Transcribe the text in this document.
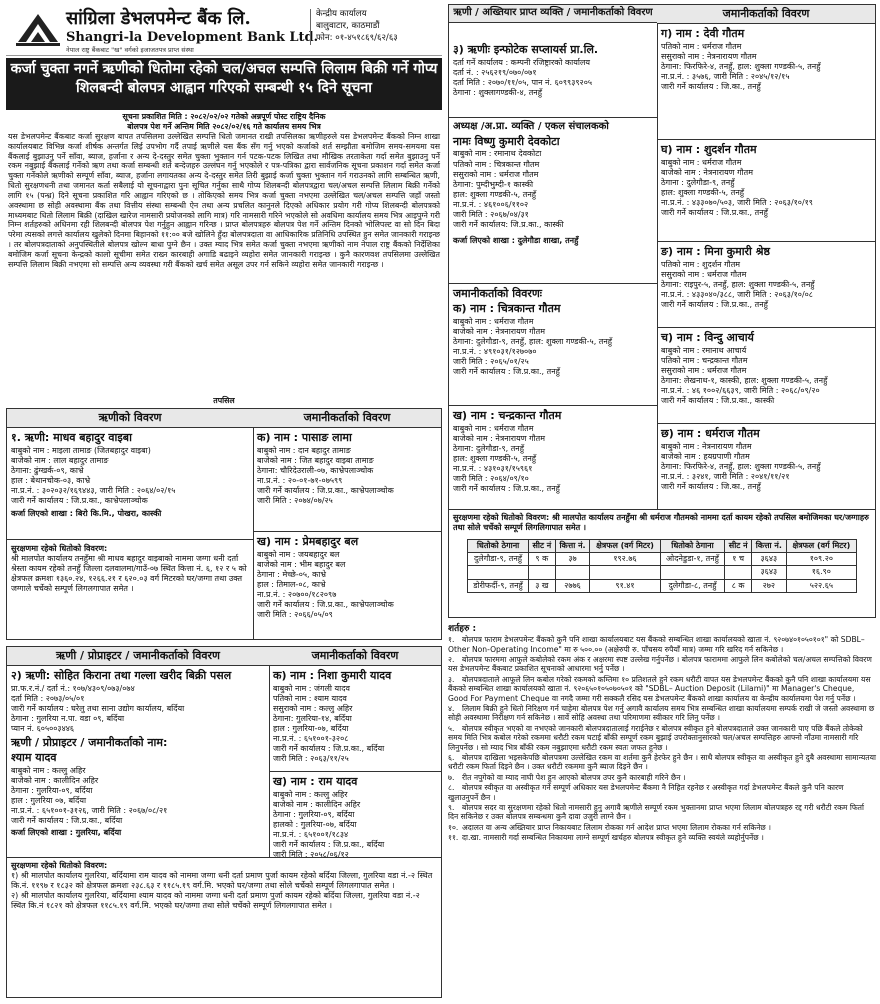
सांग्रिला डेभलपमेन्ट बैंक लि.
Shangri-la Development Bank Ltd.
नेपाल राष्ट्र बैंकबाट "ख" वर्गको इजाजतपत्र प्राप्त संस्था
केन्द्रीय कार्यालय
बालुवाटार, काठमाडौं
फोन: ०१-४५१८६९/६२/६३
कर्जा चुक्ता नगर्ने ऋणीको धितोमा रहेको चल/अचल सम्पत्ति लिलाम बिक्री गर्ने गोप्य शिलबन्दी बोलपत्र आह्वान गरिएको सम्बन्धी १५ दिने सूचना
सूचना प्रकाशित मिति : २०८२/०२/०२ गतेको अन्नपूर्ण पोस्ट राष्ट्रिय दैनिक
बोलपत्र पेश गर्ने अन्तिम मिति २०८२/०२/१६ गते कार्यालय समय भित्र
यस डेभलपमेन्ट बैंकबाट कर्जा सुरक्षण बापत तपसिलमा उल्लेखित सम्पत्ति धितो जमानत राखी तपसिलका ऋणीहरुले यस डेभलपमेन्ट बैंकको निम्न शाखा कार्यालयबाट विभिन्न कर्जा शीर्षक अन्तर्गत लिई उपभोग गर्दै तपाई ऋणीले यस बैंक सँग गर्नु भएको कर्जाको शर्त सम्झौता बमोजिम समय-समयमा यस बैंकलाई बुझाउनु पर्ने साँवा, ब्याज, हर्जाना र अन्य दे-दस्तुर समेत चुक्ता भुक्तान गर्न पटक-पटक लिखित तथा मौखिक तरताकेता गर्दा समेत बुझाउनु पर्ने रकम नबुझाई बैंकलाई गर्नेको ऋण तथा कर्जा सम्बन्धी शर्त बन्देजहरु उल्लंघन गर्नु भएकोले र पत्र-पत्रिका द्वारा सार्वजनिक सूचना प्रकाशन गर्दा समेत कर्जा चुक्ता गर्नेकोले ऋणीको सम्पूर्ण साँवा, ब्याज, हर्जाना लगायतका अन्य दे-दस्तुर समेत तिरी बुझाई कर्जा चुक्ता भुक्तान गर्न गराउनको लागि सम्बन्धित ऋणी, धितो सुरक्षणधनी तथा जमानत कर्ता सबैलाई यो सूचनाद्वारा पुनः सूचित गर्नुका साथै गोप्य शिलबन्दी बोलपत्रद्वारा चल/अचल सम्पत्ति लिलाम बिक्री गर्नेको लागि १५ (पन्ध्र) दिने सूचना प्रकाशित गरि आह्वान गरिएको छ । तोकिएको समय भित्र कर्जा चुक्ता नभएमा उल्लेखित चल/अचल सम्पत्ति जहाँ जस्तो अवस्थामा छ सोही अवस्थामा बैंक तथा वित्तीय संस्था सम्बन्धी ऐन तथा अन्य प्रचलित कानुनले दिएको अधिकार प्रयोग गरी गोप्य शिलबन्दी बोलपत्रको माध्यमबाट धितो लिलाम बिक्री (दाखिल खारेज नामसारी प्रयोजनको लागि मात्र) गरि नामसारी गरिने भएकोले सो अवधिमा कार्यालय समय भित्र आइपुग्ने गरी निम्न शर्तहरुको अधिनमा रही शिलबन्दी बोलपत्र पेश गर्नुहुन आह्वान गरिन्छ । प्राप्त बोलपत्रहरु बोलपत्र पेश गर्ने अन्तिम दिनको भोलिपल्ट वा सो दिन बिदा परेमा त्यसको लगत्ते कार्यालय खुलेको दिनमा बिहानको ११:०० बजे खोलिने हुँदा बोलपत्रदाता वा आधिकारिक प्रतिनिधि उपस्थित हुन समेत जानकारी गराइन्छ । तर बोलपत्रदाताको अनुपस्थितीले बोलपत्र खोल्न बाधा पुग्ने छैन । उक्त म्याद भित्र समेत कर्जा चुक्ता नभएमा ऋणीको नाम नेपाल राष्ट्र बैंकको निर्देशिका बमोजिम कर्जा सूचना केन्द्रको कालो सूचीमा समेत राख्न कारबाही अगाडि बढाइने व्यहोरा समेत जानकारी गराइन्छ । कुनै कारणवश तपसिलमा उल्लेखित सम्पत्ति लिलाम बिक्री नभएमा सो सम्पत्ति अन्य व्यवस्था गरी बैंकको खर्च समेत असूल उपर गर्न सकिने व्यहोरा समेत जानकारी गराइन्छ ।
तपसिल
ऋणीको विवरण	जमानीकर्ताको विवरण
१. ऋणी: माधव बहादुर वाइबा
बाबुको नाम : माइला तामाङ (जितबहादुर वाइबा)
बाजेको नाम : लाल बहादुर तामाङ
ठेगाना: ढुंग्खर्क-०९, काभ्रे
हाल : बेथानचोक-०३, काभ्रे
ना.प्र.नं. : ३०२०३२/१६९४४३, जारी मिति : २०६४/०२/१५
जारी गर्ने कार्यालय : जि.प्र.का., काभ्रेपलाञ्चोक
कर्जा लिएको शाखा : बिरो कि.मि., पोखरा, कास्की
सुरक्षणमा रहेको धितोको विवरण:
श्री मालपोत कार्यालय तनहुँमा श्री माधव बहादुर वाइबाको नाममा जग्गा धनी दर्ता श्रेस्ता कायम रहेको तनहुँ जिल्ला दलवालमा/गाउँ-०७ स्थित कित्ता नं. ६, १२ र ५ को क्षेत्रफल क्रमशः १३६०.२४, १२६६.२१ र ६२०.०३ वर्ग मिटरको घर/जग्गा तथा उक्त जग्गाले चर्चेको सम्पूर्ण लिगलगापात समेत ।
क) नाम : पासाङ लामा
बाबुको नाम : दान बहादुर तामाङ
बाजेको नाम : जित बहादुर वाइबा तामाङ
ठेगाना: चौरिदेउराली-०७, काभ्रेपलाञ्चोक
ना.प्र.नं. : २०-०१-७१-०७५९९
जारी गर्ने कार्यालय : जि.प्र.का., काभ्रेपलाञ्चोक
जारी मिति : २०७४/०७/२५
ख) नाम : प्रेमबहादुर बल
बाबुको नाम : जयबहादुर बल
बाजेको नाम : भीम बहादुर बल
ठेगाना : मेच्छे-०५, काभ्रे
हाल : तिमाल-०८, काभ्रे
ना.प्र.नं. : २०७००/१८२०९७
जारी गर्ने कार्यालय : जि.प्र.का., काभ्रेपलाञ्चोक
जारी मिति : २०६६/०५/०९
ऋणी / प्रोप्राइटर / जमानीकर्ताको विवरण	जमानीकर्ताको विवरण
२) ऋणी: सोहित किराना तथा गल्ला खरीद बिक्री पसल
प्रा.फ.र.नं./ दर्ता नं.: १०७/४३०९/०७३/०७४
दर्ता मिति : २०७३/०५/०१
जारी गर्ने कार्यालय : घरेलु तथा साना उद्योग कार्यालय, बर्दिया
ठेगाना : गुलरिया न.पा. वडा ०९, बर्दिया
प्यान नं. ६०५००३४४६
ऋणी / प्रोप्राइटर / जमानीकर्ताको नाम:
श्याम यादव
बाबुको नाम : कल्लु अहिर
बाजेको नाम : कालीदिन अहिर
ठेगाना : गुलरिया-०९, बर्दिया
हाल : गुलरिया ०७, बर्दिया
ना.प्र.नं. : ६५१००१-३१२६, जारी मिति : २०६७/०८/२१
जारी गर्ने कार्यालय : जि.प्र.का., बर्दिया
कर्जा लिएको शाखा : गुलरिया, बर्दिया
क) नाम : निशा कुमारी यादव
बाबुको नाम : जंगली यादव
पतिको नाम : श्याम यादव
ससुराको नाम : कल्लु अहिर
ठेगाना: गुलरिया-१४, बर्दिया
हाल : गुलरिया-०७, बर्दिया
ना.प्र.नं. : ६५१००१-३२०८
जारी गर्ने कार्यालय : जि.प्र.का., बर्दिया
जारी मिति : २०६३/११/२५
ख) नाम : राम यादव
बाबुको नाम : कल्लु अहिर
बाजेको नाम : कालीदिन अहिर
ठेगाना : गुलरिया-०९, बर्दिया
हालको : गुलरिया-०७, बर्दिया
ना.प्र.नं. : ६५१००१/१८३४
जारी गर्ने कार्यालय : जि.प्र.का., बर्दिया
जारी मिति : २०५८/०६/१२
सुरक्षणमा रहेको धितोको विवरण:
१) श्री मालपोत कार्यालय गुलरिया, बर्दियामा राम यादव को नाममा जग्गा धनी दर्ता प्रमाण पुर्जा कायम रहेको बर्दिया जिल्ला, गुलरिया वडा नं.-२ स्थित कि.नं. ११९७ र १८३२ को क्षेत्रफल क्रमशः २३८.६३ र ११८५.१९ वर्ग.मि. भएको घर/जग्गा तथा सोले चर्चेको सम्पूर्ण लिगलगापात समेत ।
२) श्री मालपोत कार्यालय गुलरिया, बर्दियामा श्याम यादव को नाममा जग्गा धनी दर्ता प्रमाण पुर्जा कायम रहेको बर्दिया जिल्ला, गुलरिया वडा नं.-२ स्थित कि.नं १८२१ को क्षेत्रफल ११८५.१९ वर्ग.मि. भएको घर/जग्गा तथा सोले चर्चेको सम्पूर्ण लिगलगापात समेत ।
ऋणी / अख्तियार प्राप्त व्यक्ति / जमानीकर्ताको विवरण	जमानीकर्ताको विवरण
३) ऋणीः इन्फोटेक सप्लायर्स प्रा.लि.
दर्ता गर्ने कार्यालय : कम्पनी रजिष्ट्रारको कार्यालय
दर्ता नं. : २५६२१९/०७०/०७१
दर्ता मिति : २०७०/११/०५, पान नं. ६०९९३९२०५
ठेगाना : शुक्लागण्डकी-४, तनहुँ
अध्यक्ष /अ.प्रा. व्यक्ति / एकल संचालकको
नामः विष्णु कुमारी देवकोटा
बाबुको नाम : रमानाथ देवकोटा
पतिको नाम : चित्रकान्त गौतम
ससुराको नाम : धर्मराज गौतम
ठेगाना: पुम्दीभुम्दी-१ कास्की
हाल: शुक्ला गण्डकी-५, तनहुँ
ना.प्र.नं. : ४६१००६/११०२
जारी मिति : २०६७/०४/३१
जारी गर्ने कार्यालय: जि.प्र.का., कास्की
कर्जा लिएको शाखा : दुलेगौडा शाखा, तनहुँ
जमानीकर्ताको विवरणः
क) नाम : चित्रकान्त गौतम
बाबुको नाम : धर्मराज गौतम
बाजेको नाम : नेत्रनारायण गौतम
ठेगाना: दुलेगौडा-९, तनहुँ, हाल: शुक्ला गण्डकी-५, तनहुँ
ना.प्र.नं. : ४९१०३१/१२७०७०
जारी मिति : २०६५/०१/२५
जारी गर्ने कार्यालय : जि.प्र.का., तनहुँ
ख) नाम : चन्द्रकान्त गौतम
बाबुको नाम : धर्मराज गौतम
बाजेको नाम : नेत्रनारायण गौतम
ठेगाना: दुलेगौडा-९, तनहुँ
हाल: शुक्ला गण्डकी-५, तनहुँ
ना.प्र.नं. : ४३१०३१/१५९६१
जारी मिति : २०६४/०९/१०
जारी गर्ने कार्यालय : जि.प्र.का., तनहुँ
ग) नाम : देवी गौतम
पतिको नाम : धर्मराज गौतम
ससुराको नाम : नेत्रनारायण गौतम
ठेगाना: फिरफिरे-४, तनहुँ, हाल: शुक्ला गण्डकी-५, तनहुँ
ना.प्र.नं. : ३५७६, जारी मिति : २०४५/१२/१५
जारी गर्ने कार्यालय : जि.का., तनहुँ
घ) नाम : शुदर्शन गौतम
बाबुको नाम : धर्मराज गौतम
बाजेको नाम : नेत्रनारायण गौतम
ठेगाना : दुलेगौडा-९, तनहुँ
हाल: शुक्ला गण्डकी-५, तनहुँ
ना.प्र.नं. : ४३३०७०/५०३, जारी मिति : २०६३/१०/१९
जारी गर्ने कार्यालय : जि.प्र.का., तनहुँ
ङ) नाम : मिना कुमारी श्रेष्ठ
पतिको नाम : शुदर्शन गौतम
ससुराको नाम : धर्मराज गौतम
ठेगाना: राइपुर-५, तनहुँ, हाल: शुक्ला गण्डकी-५, तनहुँ
ना.प्र.नं. : ४३३०४०/३८८, जारी मिति : २०६३/१०/०८
जारी गर्ने कार्यालय : जि.प्र.का., तनहुँ
च) नाम : विन्दु आचार्य
बाबुको नाम : रमानाथ आचार्य
पतिको नाम : चन्द्रकान्त गौतम
ससुराको नाम : धर्मराज गौतम
ठेगाना: लेखनाथ-१, कास्की, हाल: शुक्ला गण्डकी-५, तनहुँ
ना.प्र.नं. : ४६ १००२/६६३९, जारी मिति : २०६८/०९/२०
जारी गर्ने कार्यालय : जि.प्र.का., कास्की
छ) नाम : धर्मराज गौतम
बाबुको नाम : नेत्रनारायण गौतम
बाजेको नाम : हयग्रपाणी गौतम
ठेगाना: फिरफिरे-४, तनहुँ, हाल: शुक्ला गण्डकी-५, तनहुँ
ना.प्र.नं. : ३२४१, जारी मिति : २०४१/११/२१
जारी गर्ने कार्यालय : जि.का., तनहुँ
सुरक्षणमा रहेको धितोको विवरण: श्री मालपोत कार्यालय तनहुँमा श्री धर्मराज गौतमको नाममा दर्ता कायम रहेको तपसिल बमोजिमका घर/जग्गाहरु तथा सोले चर्चेको सम्पूर्ण लिगलिगापात समेत ।
धितोको ठेगाना	सीट नं	कित्ता नं.	क्षेत्रफल (वर्ग मिटर)	धितोको ठेगाना	सीट नं	कित्ता नं.	क्षेत्रफल (वर्ग मिटर)
दुलेगौडा-९, तनहुँ	९ क	३७	१९२.७६	ओदनेडुडा-१, तनहुँ	१ च	३६४३	१०९.२०
						३६४३	१६.९०
डोरीफर्दी-९, तनहुँ	३ ख	२७७६	९१.४१	दुलेगौडा-८, तनहुँ	८ क	२७२	५२२.६५
शर्तहरु :
१. बोलपत्र फाराम डेभलपमेन्ट बैंकको कुनै पनि शाखा कार्यालयबाट यस बैंकको सम्बन्धित शाखा कार्यालयको खाता नं. ९२०७४०१०५०१०१" को SDBL– Other Non-Operating Income" मा रु ५००.०० (अक्षेरुपी रु. पाँचसय रुपैयाँ मात्र) जम्मा गरि खरिद गर्न सकिनेछ ।
२. बोलपत्र फारममा आफुले कबोलेको रकम अंक र अक्षरमा स्पष्ट उल्लेख गर्नुपर्नेछ । बोलपत्र फाराममा आफुले लिन कबोलेको चल/अचल सम्पत्तिको विवरण यस डेभलपमेन्ट बैंकबाट प्रकाशित सूचनाको आधारमा भर्नु पर्नेछ ।
३. बोलपत्रदाताले आफूले लिन कबोल गरेको रकमको कम्तिमा १० प्रतिशतले हुने रकम धरौटी वापत यस डेभलपमेन्ट बैंकको कुनै पनि शाखा कार्यालयमा यस बैंकको सम्बन्धित शाखा कार्यालयको खाता नं. ९२०६५०१०५०७०५०१ को "SDBL– Auction Deposit (Lilami)" मा Manager's Cheque, Good For Payment Cheque वा नगदै जम्मा गरी सक्कलै रसिद यस डेभलपमेन्ट बैंकको शाखा कार्यालय वा केन्द्रीय कार्यालयमा पेश गर्नु पर्नेछ ।
४. लिलाम बिक्री हुने धितो निरिक्षण गर्न चाहेमा बोलपत्र पेश गर्नु अगावै कार्यालय समय भित्र सम्बन्धित शाखा कार्यालयमा सम्पर्क राखी जे जस्तो अवस्थामा छ सोही अवस्थामा निरीक्षण गर्न सकिनेछ । सार्वे सोहि अवस्था तथा परिमाणमा स्वीकार गरि लिनु पर्नेछ ।
५. बोलपत्र स्वीकृत भएको वा नभएको जानकारी बोलपत्रदातालाई गराईनेछ र बोलपत्र स्वीकृत हुने बोलपत्रदाताले उक्त जानकारी पाए पछि बैंकले तोकेको समय मिति भित्र कबोल गरेको रकममा धरौटी रकम घटाई बाँकी सम्पूर्ण रकम बुझाई उपरोक्तानुसारको चल/अचल सम्पत्तिहरु आफ्नो नाँउमा नामसारी गरि लिनुपर्नेछ । सो म्याद भित्र बाँकी रकम नबुझाएमा धरौटी रकम स्वतः जफत हुनेछ ।
६. बोलपत्र दाखिला भइसकेपछि बोलपत्रमा उल्लेखित रकम वा शर्तमा कुनै हेरफेर हुने छैन । साथै बोलपत्र स्वीकृत वा अस्वीकृत हुने दुबै अवस्थामा सामान्यतया धरौटी रकम फिर्ता दिइने छैन । उक्त धरौटी रकममा कुनै ब्याज दिइने छैन ।
७. रीत नपुगेको वा म्याद नाघी पेश हुन आएको बोलपत्र उपर कुनै कारबाही गरिने छैन ।
८. बोलपत्र स्वीकृत वा अस्वीकृत गर्ने सम्पूर्ण अधिकार यस डेभलपमेन्ट बैंकमा नै निहित रहनेछ र अस्वीकृत गर्दा डेभलपमेन्ट बैंकले कुनै पनि कारण खुलाउनुपर्ने छैन ।
९. बोलपत्र सदर वा सुरक्षणमा रहेको धितो नामसारी हुनु अगावै ऋणीले सम्पूर्ण रकम भुक्तानमा प्राप्त भएमा लिलाम बोलपत्रहरु रद्द गरी धरौटी रकम फिर्ता दिन सकिनेछ र उक्त बोलपत्र सम्बन्धमा कुनै दावा उजुरी लाग्ने छैन ।
१०. अदालत वा अन्य अख्तियार प्राप्त निकायबाट लिलाम रोकका गर्न आदेश प्राप्त भएमा लिलाम रोकका गर्न सकिनेछ ।
११. दा.खा. नामसारी गर्दा सम्बन्धित निकायमा लाग्ने सम्पूर्ण खर्चहरु बोलपत्र स्वीकृत हुने व्यक्ति स्वयंले व्यहोर्नुपर्नेछ ।
